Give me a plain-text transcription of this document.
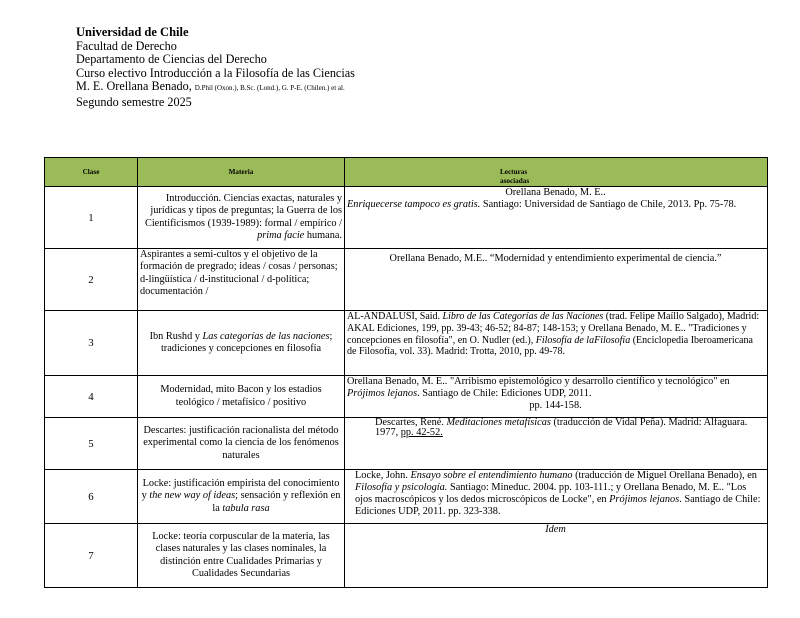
Universidad de Chile
Facultad de Derecho
Departamento de Ciencias del Derecho
Curso electivo Introducción a la Filosofía de las Ciencias
M. E. Orellana Benado, D.Phil (Oxon.), B.Sc. (Lond.), G. P-E. (Chilen.) et al.
Segundo semestre 2025
Clase	Materia	Lecturas
asociadas
1	Introducción. Ciencias exactas, naturales y jurídicas y tipos de preguntas; la Guerra de los Cientificismos (1939-1989): formal / empírico / prima facie humana.	Orellana Benado, M. E..
Enriquecerse tampoco es gratis. Santiago: Universidad de Santiago de Chile, 2013. Pp. 75-78.
2	Aspirantes a semi-cultos y el objetivo de la formación de pregrado; ideas / cosas / personas; d-lingüística / d-institucional / d-política; documentación /	Orellana Benado, M.E.. “Modernidad y entendimiento experimental de ciencia.”

3	Ibn Rushd y Las categorías de las naciones; tradiciones y concepciones en filosofía	AL-ANDALUSÍ, Said. Libro de las Categorías de las Naciones (trad. Felipe Maíllo Salgado), Madrid: AKAL Ediciones, 199, pp. 39-43; 46-52; 84-87; 148-153; y Orellana Benado, M. E.. "Tradiciones y concepciones en filosofía", en O. Nudler (ed.), Filosofía de laFilosofía (Enciclopedia Iberoamericana de Filosofía, vol. 33). Madrid: Trotta, 2010, pp. 49-78.
4	Modernidad, mito Bacon y los estadios teológico / metafísico / positivo	Orellana Benado, M. E.. "Arribismo epistemológico y desarrollo científico y tecnológico" en Prójimos lejanos. Santiago de Chile: Ediciones UDP, 2011.
pp. 144-158.

5	Descartes: justificación racionalista del método experimental como la ciencia de los fenómenos naturales	Descartes, René. Meditaciones metafísicas (traducción de Vidal Peña). Madrid: Alfaguara. 1977, pp. 42-52.
6	Locke: justificación empirista del conocimiento y the new way of ideas; sensación y reflexión en la tabula rasa	Locke, John. Ensayo sobre el entendimiento humano (traducción de Miguel Orellana Benado), en Filosofía y psicología. Santiago: Mineduc. 2004. pp. 103-111.; y Orellana Benado, M. E.. "Los ojos macroscópicos y los dedos microscópicos de Locke", en Prójimos lejanos. Santiago de Chile: Ediciones UDP, 2011. pp. 323-338.
7	Locke: teoría corpuscular de la materia, las clases naturales y las clases nominales, la distinción entre Cualidades Primarias y Cualidades Secundarias	Ídem
